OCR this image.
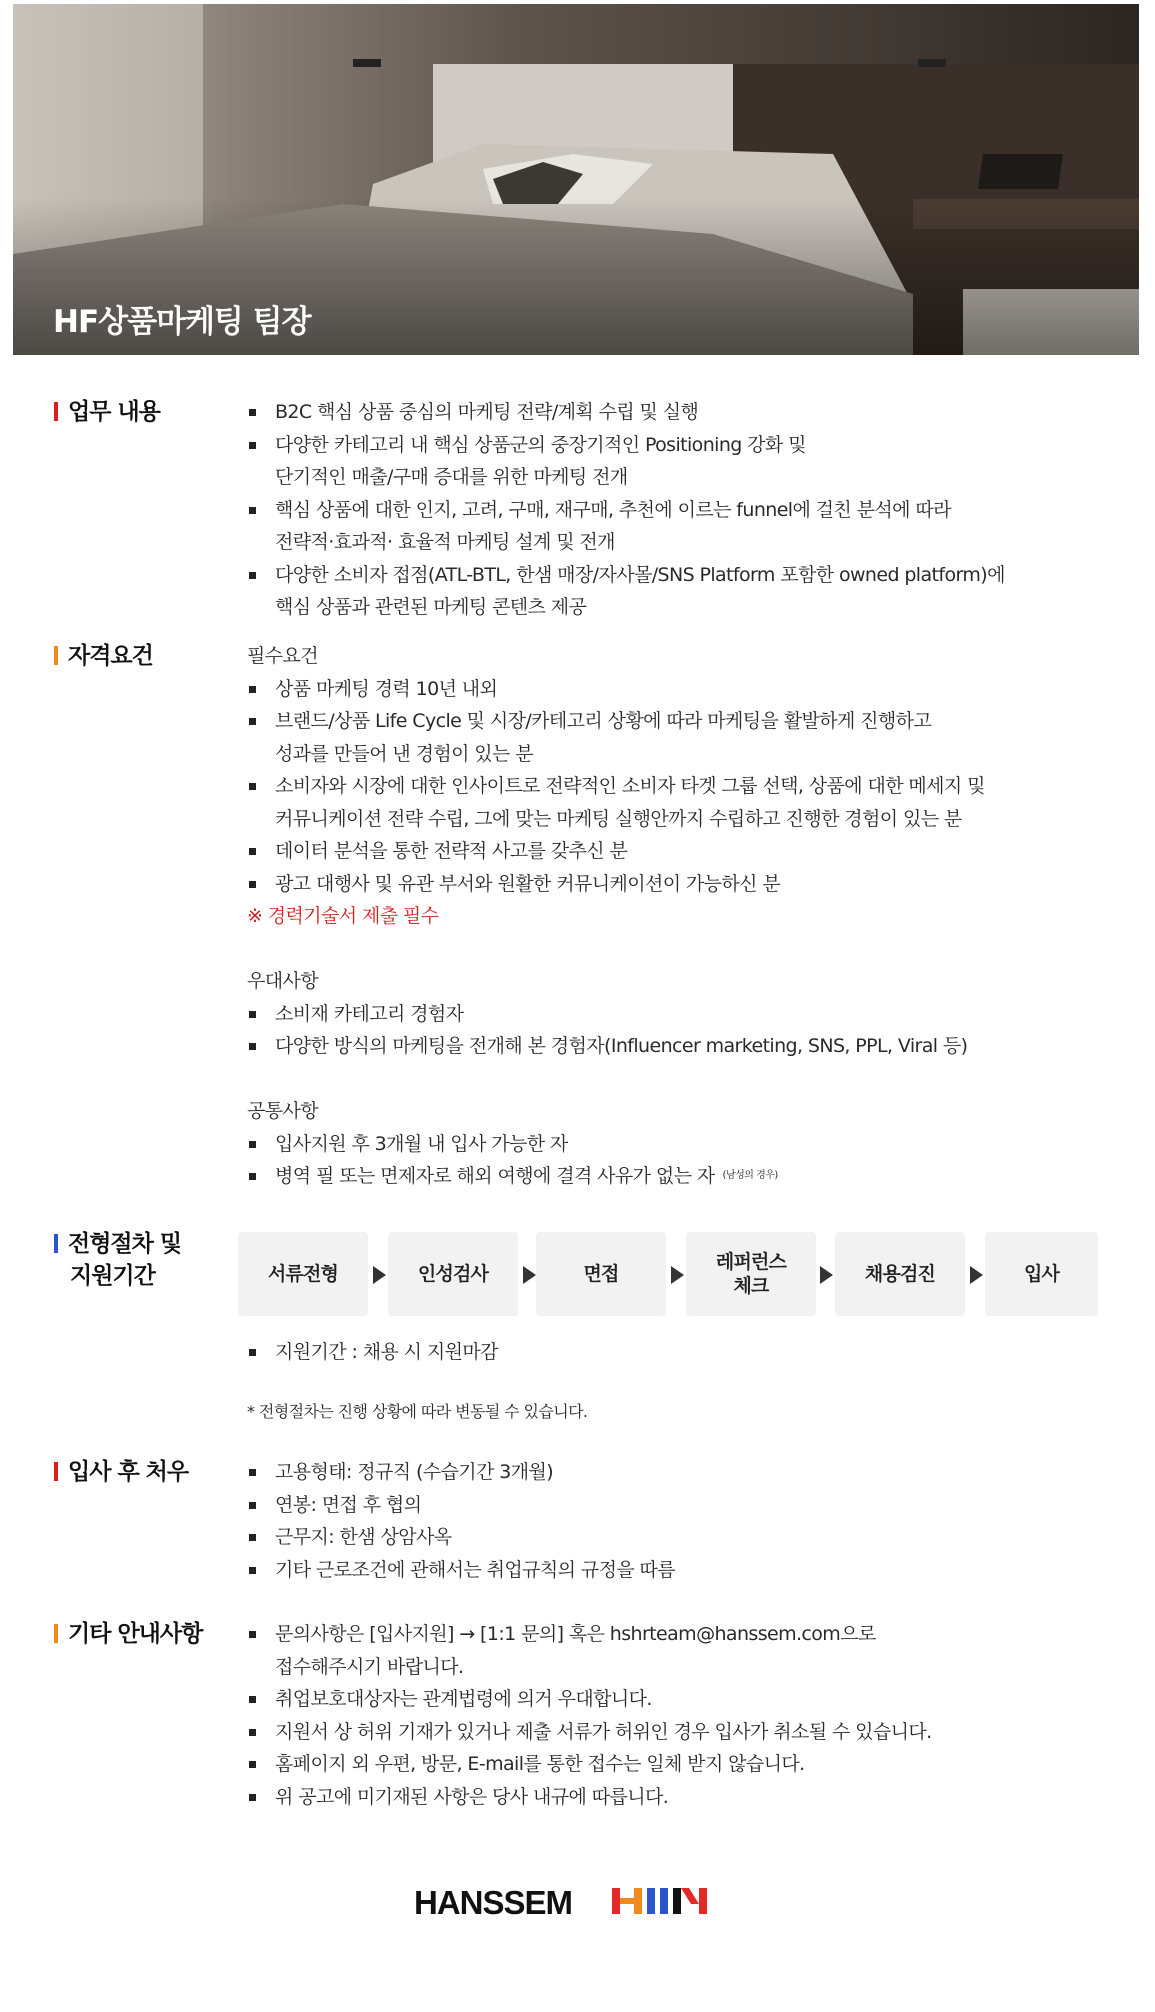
HF상품마케팅 팀장
업무 내용	B2C 핵심 상품 중심의 마케팅 전략/계획 수립 및 실행
다양한 카테고리 내 핵심 상품군의 중장기적인 Positioning 강화 및
단기적인 매출/구매 증대를 위한 마케팅 전개
핵심 상품에 대한 인지, 고려, 구매, 재구매, 추천에 이르는 funnel에 걸친 분석에 따라
전략적·효과적· 효율적 마케팅 설계 및 전개
다양한 소비자 접점(ATL-BTL, 한샘 매장/자사몰/SNS Platform 포함한 owned platform)에
핵심 상품과 관련된 마케팅 콘텐츠 제공
자격요건	필수요건
상품 마케팅 경력 10년 내외
브랜드/상품 Life Cycle 및 시장/카테고리 상황에 따라 마케팅을 활발하게 진행하고
성과를 만들어 낸 경험이 있는 분
소비자와 시장에 대한 인사이트로 전략적인 소비자 타겟 그룹 선택, 상품에 대한 메세지 및
커뮤니케이션 전략 수립, 그에 맞는 마케팅 실행안까지 수립하고 진행한 경험이 있는 분
데이터 분석을 통한 전략적 사고를 갖추신 분
광고 대행사 및 유관 부서와 원활한 커뮤니케이션이 가능하신 분
※ 경력기술서 제출 필수
우대사항
소비재 카테고리 경험자
다양한 방식의 마케팅을 전개해 본 경험자(Influencer marketing, SNS, PPL, Viral 등)
공통사항
입사지원 후 3개월 내 입사 가능한 자
병역 필 또는 면제자로 해외 여행에 결격 사유가 없는 자 $^{(남성의 경우)}$
전형절차 및
지원기간	서류전형	인성검사	면접
레퍼런스
체크
채용검진	입사
지원기간 : 채용 시 지원마감
* 전형절차는 진행 상황에 따라 변동될 수 있습니다.
입사 후 처우	고용형태: 정규직 (수습기간 3개월)
연봉: 면접 후 협의
근무지: 한샘 상암사옥
기타 근로조건에 관해서는 취업규칙의 규정을 따름
기타 안내사항	문의사항은 [입사지원] → [1:1 문의] 혹은 hshrteam@hanssem.com으로
접수해주시기 바랍니다.
취업보호대상자는 관계법령에 의거 우대합니다.
지원서 상 허위 기재가 있거나 제출 서류가 허위인 경우 입사가 취소될 수 있습니다.
홈페이지 외 우편, 방문, E-mail를 통한 접수는 일체 받지 않습니다.
위 공고에 미기재된 사항은 당사 내규에 따릅니다.
HANSSEM
